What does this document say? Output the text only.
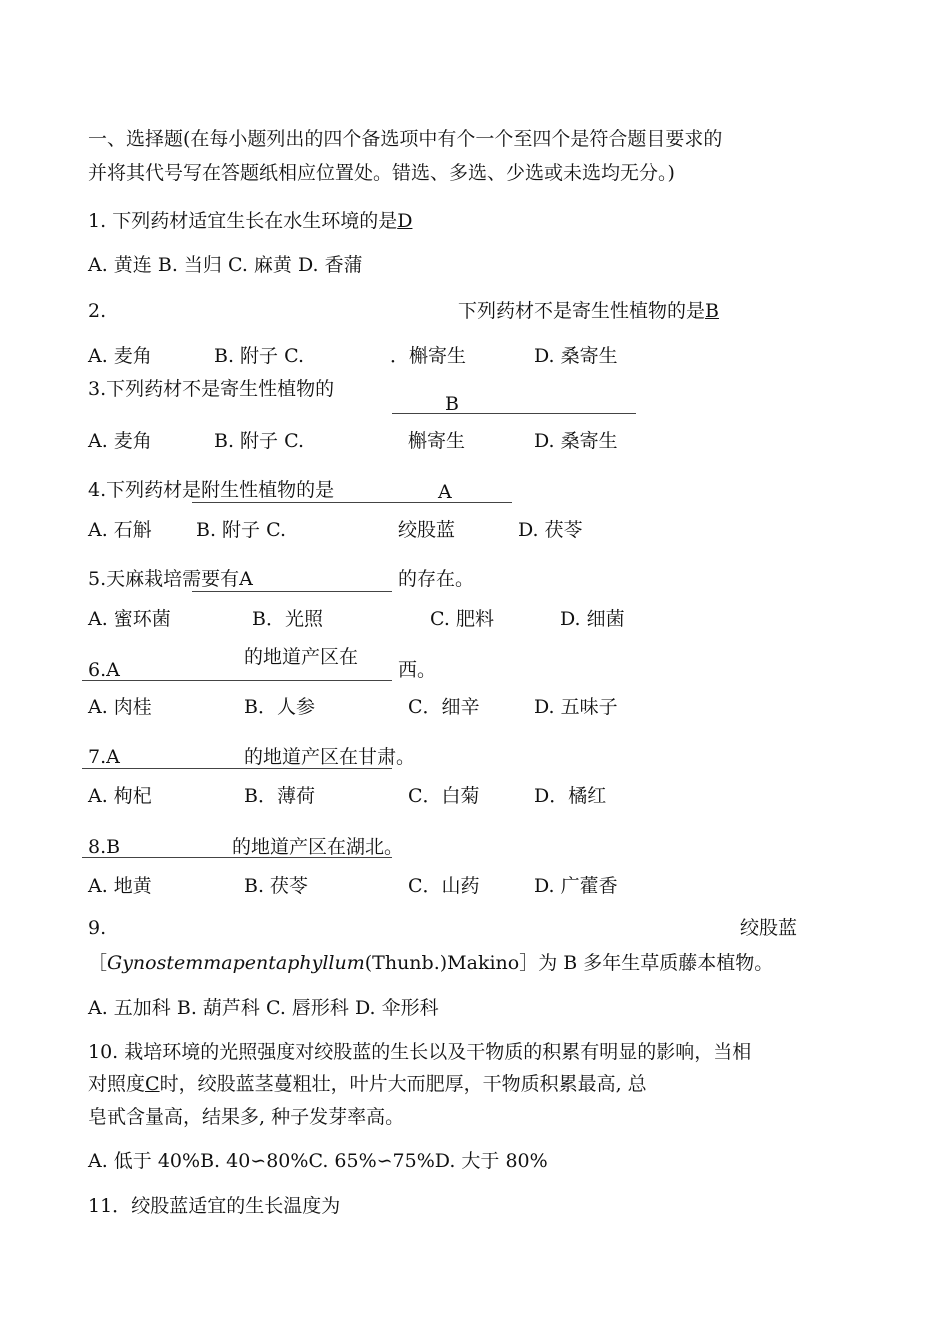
一、选择题(在每小题列出的四个备选项中有个一个至四个是符合题目要求的
并将其代号写在答题纸相应位置处。错选、多选、少选或未选均无分。)
1. 下列药材适宜生长在水生环境的是D
A. 黄连 B. 当归 C. 麻黄 D. 香蒲
2.	下列药材不是寄生性植物的是B
A. 麦角	B. 附子 C.	．槲寄生	D. 桑寄生
3.下列药材不是寄生性植物的
B
A. 麦角	B. 附子 C.	槲寄生	D. 桑寄生
4.下列药材是附生性植物的是	A
A. 石斛 B. 附子 C.	绞股蓝	D. 茯苓
5.天麻栽培需要有A	的存在。
A. 蜜环菌	B．光照	C. 肥料	D. 细菌
6.A
的地道产区在
西。
A. 肉桂	B．人参	C．细辛	D. 五味子
7.A	的地道产区在甘肃。
A. 枸杞	B．薄荷	C．白菊	D．橘红
8.B	的地道产区在湖北。
A. 地黄	B. 茯苓	C．山药	D. 广藿香
9.	绞股蓝
［Gynostemmapentaphyllum(Thunb.)Makino］为 B 多年生草质藤本植物。
A. 五加科 B. 葫芦科 C. 唇形科 D. 伞形科
10. 栽培环境的光照强度对绞股蓝的生长以及干物质的积累有明显的影响，当相
对照度C时，绞股蓝茎蔓粗壮，叶片大而肥厚，干物质积累最高, 总
皂甙含量高，结果多, 种子发芽率高。
A. 低于 40%B. 40∽80%C. 65%∽75%D. 大于 80%
11．绞股蓝适宜的生长温度为
